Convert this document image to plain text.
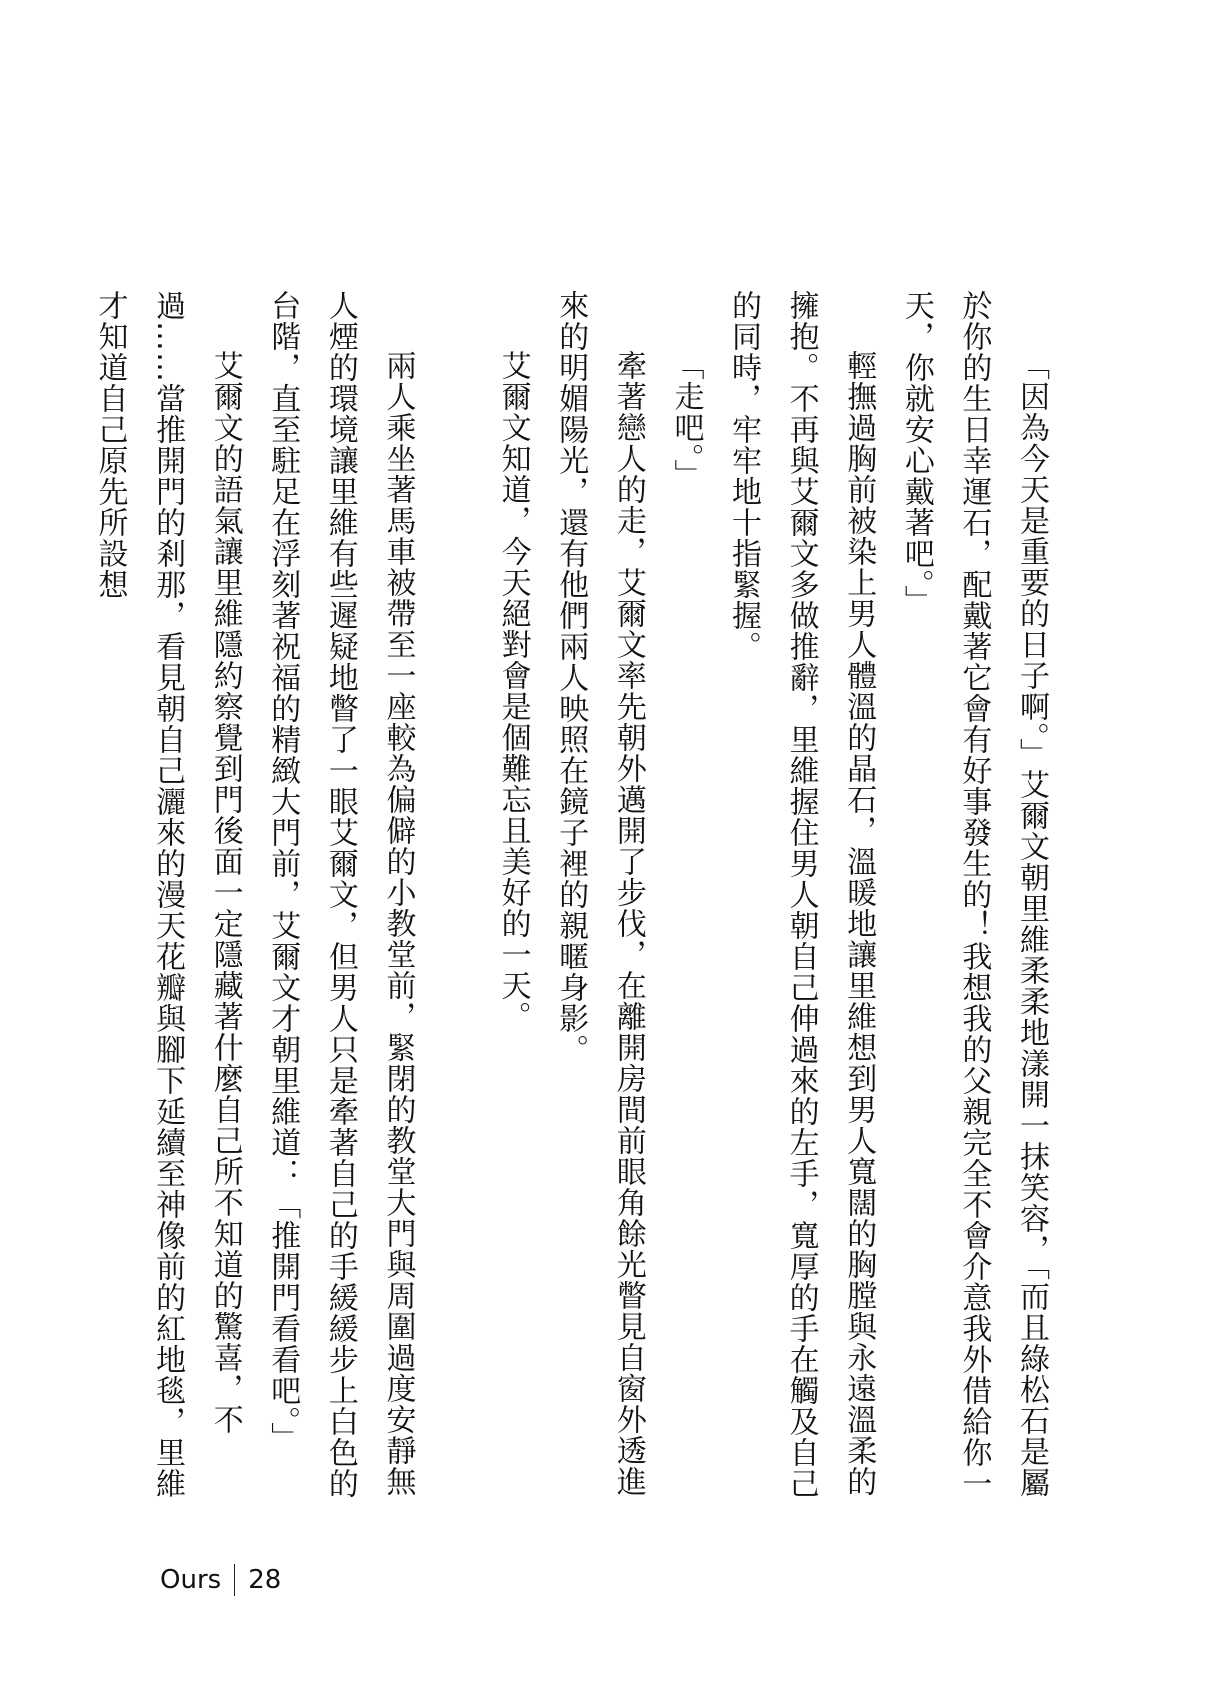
「因為今天是重要的日子啊。」艾爾文朝里維柔柔地漾開一抹笑容，「而且綠松石是屬於你的生日幸運石，配戴著它會有好事發生的！我想我的父親完全不會介意我外借給你一天，你就安心戴著吧。」

輕撫過胸前被染上男人體溫的晶石，溫暖地讓里維想到男人寬闊的胸膛與永遠溫柔的擁抱。不再與艾爾文多做推辭，里維握住男人朝自己伸過來的左手，寬厚的手在觸及自己的同時，牢牢地十指緊握。

「走吧。」

牽著戀人的走，艾爾文率先朝外邁開了步伐，在離開房間前眼角餘光瞥見自窗外透進來的明媚陽光，還有他們兩人映照在鏡子裡的親暱身影。

艾爾文知道，今天絕對會是個難忘且美好的一天。

兩人乘坐著馬車被帶至一座較為偏僻的小教堂前，緊閉的教堂大門與周圍過度安靜無人煙的環境讓里維有些遲疑地瞥了一眼艾爾文，但男人只是牽著自己的手緩緩步上白色的台階，直至駐足在浮刻著祝福的精緻大門前，艾爾文才朝里維道：「推開門看看吧。」

艾爾文的語氣讓里維隱約察覺到門後面一定隱藏著什麼自己所不知道的驚喜，不過……當推開門的剎那，看見朝自己灑來的漫天花瓣與腳下延續至神像前的紅地毯，里維才知道自己原先所設想

Ours 28
